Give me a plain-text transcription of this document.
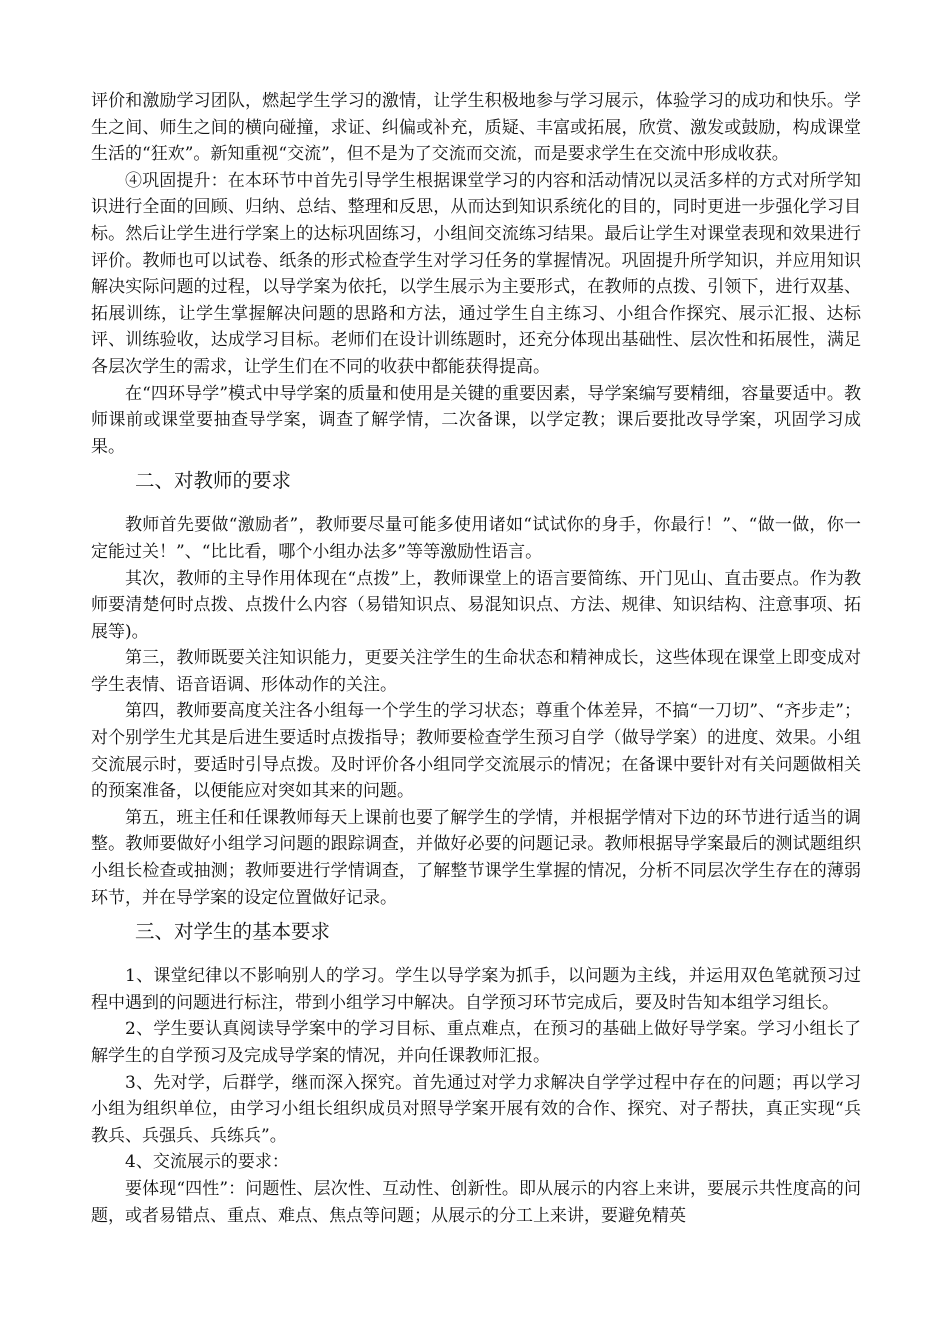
评价和激励学习团队，燃起学生学习的激情，让学生积极地参与学习展示，体验学习的成功和快乐。学生之间、师生之间的横向碰撞，求证、纠偏或补充，质疑、丰富或拓展，欣赏、激发或鼓励，构成课堂生活的“狂欢”。新知重视“交流”，但不是为了交流而交流，而是要求学生在交流中形成收获。

④巩固提升：在本环节中首先引导学生根据课堂学习的内容和活动情况以灵活多样的方式对所学知识进行全面的回顾、归纳、总结、整理和反思，从而达到知识系统化的目的，同时更进一步强化学习目标。然后让学生进行学案上的达标巩固练习，小组间交流练习结果。最后让学生对课堂表现和效果进行评价。教师也可以试卷、纸条的形式检查学生对学习任务的掌握情况。巩固提升所学知识，并应用知识解决实际问题的过程，以导学案为依托，以学生展示为主要形式，在教师的点拨、引领下，进行双基、拓展训练，让学生掌握解决问题的思路和方法，通过学生自主练习、小组合作探究、展示汇报、达标评、训练验收，达成学习目标。老师们在设计训练题时，还充分体现出基础性、层次性和拓展性，满足各层次学生的需求，让学生们在不同的收获中都能获得提高。

在“四环导学”模式中导学案的质量和使用是关键的重要因素，导学案编写要精细，容量要适中。教师课前或课堂要抽查导学案，调查了解学情，二次备课，以学定教；课后要批改导学案，巩固学习成果。

二、对教师的要求

教师首先要做“激励者”，教师要尽量可能多使用诸如“试试你的身手，你最行！”、“做一做，你一定能过关！”、“比比看，哪个小组办法多”等等激励性语言。

其次，教师的主导作用体现在“点拨”上，教师课堂上的语言要简练、开门见山、直击要点。作为教师要清楚何时点拨、点拨什么内容（易错知识点、易混知识点、方法、规律、知识结构、注意事项、拓展等)。

第三，教师既要关注知识能力，更要关注学生的生命状态和精神成长，这些体现在课堂上即变成对学生表情、语音语调、形体动作的关注。

第四，教师要高度关注各小组每一个学生的学习状态；尊重个体差异，不搞“一刀切”、“齐步走”；对个别学生尤其是后进生要适时点拨指导；教师要检查学生预习自学（做导学案）的进度、效果。小组交流展示时，要适时引导点拨。及时评价各小组同学交流展示的情况；在备课中要针对有关问题做相关的预案准备，以便能应对突如其来的问题。

第五，班主任和任课教师每天上课前也要了解学生的学情，并根据学情对下边的环节进行适当的调整。教师要做好小组学习问题的跟踪调查，并做好必要的问题记录。教师根据导学案最后的测试题组织小组长检查或抽测；教师要进行学情调查，了解整节课学生掌握的情况，分析不同层次学生存在的薄弱环节，并在导学案的设定位置做好记录。

三、对学生的基本要求

1、课堂纪律以不影响别人的学习。学生以导学案为抓手，以问题为主线，并运用双色笔就预习过程中遇到的问题进行标注，带到小组学习中解决。自学预习环节完成后，要及时告知本组学习组长。

2、学生要认真阅读导学案中的学习目标、重点难点，在预习的基础上做好导学案。学习小组长了解学生的自学预习及完成导学案的情况，并向任课教师汇报。

3、先对学，后群学，继而深入探究。首先通过对学力求解决自学学过程中存在的问题；再以学习小组为组织单位，由学习小组长组织成员对照导学案开展有效的合作、探究、对子帮扶，真正实现“兵教兵、兵强兵、兵练兵”。

4、交流展示的要求：

要体现“四性”：问题性、层次性、互动性、创新性。即从展示的内容上来讲，要展示共性度高的问题，或者易错点、重点、难点、焦点等问题；从展示的分工上来讲，要避免精英
